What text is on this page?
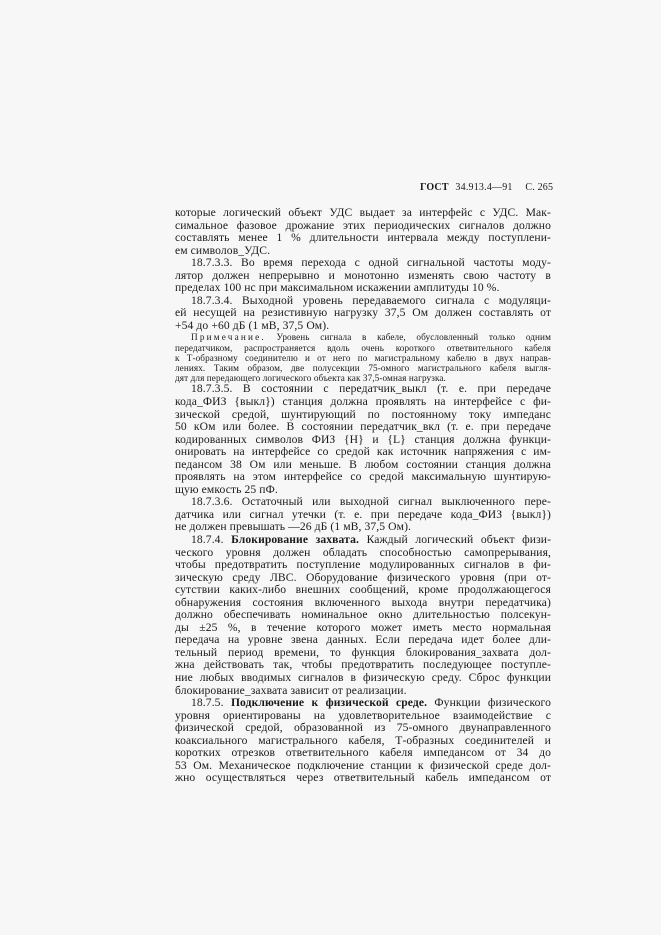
ГОСТ 34.913.4—91 С. 265
которые логический объект УДС выдает за интерфейс с УДС. Мак-
симальное фазовое дрожание этих периодических сигналов должно
составлять менее 1 % длительности интервала между поступлени-
ем символов_УДС.
18.7.3.3. Во время перехода с одной сигнальной частоты моду-
лятор должен непрерывно и монотонно изменять свою частоту в
пределах 100 нс при максимальном искажении амплитуды 10 %.
18.7.3.4. Выходной уровень передаваемого сигнала с модуляци-
ей несущей на резистивную нагрузку 37,5 Ом должен составлять от
+54 до +60 дБ (1 мВ, 37,5 Ом).
Примечание. Уровень сигнала в кабеле, обусловленный только одним
передатчиком, распространяется вдоль очень короткого ответвительного кабеля
к Т-образному соединителю и от него по магистральному кабелю в двух направ-
лениях. Таким образом, две полусекции 75-омного магистрального кабеля выгля-
дят для передающего логического объекта как 37,5-омная нагрузка.
18.7.3.5. В состоянии с передатчик_выкл (т. е. при передаче
кода_ФИЗ {выкл}) станция должна проявлять на интерфейсе с фи-
зической средой, шунтирующий по постоянному току импеданс
50 кОм или более. В состоянии передатчик_вкл (т. е. при передаче
кодированных символов ФИЗ {H} и {L} станция должна функци-
онировать на интерфейсе со средой как источник напряжения с им-
педансом 38 Ом или меньше. В любом состоянии станция должна
проявлять на этом интерфейсе со средой максимальную шунтирую-
щую емкость 25 пФ.
18.7.3.6. Остаточный или выходной сигнал выключенного пере-
датчика или сигнал утечки (т. е. при передаче кода_ФИЗ {выкл})
не должен превышать —26 дБ (1 мВ, 37,5 Ом).
18.7.4. Блокирование захвата. Каждый логический объект физи-
ческого уровня должен обладать способностью самопрерывания,
чтобы предотвратить поступление модулированных сигналов в фи-
зическую среду ЛВС. Оборудование физического уровня (при от-
сутствии каких-либо внешних сообщений, кроме продолжающегося
обнаружения состояния включенного выхода внутри передатчика)
должно обеспечивать номинальное окно длительностью полсекун-
ды ±25 %, в течение которого может иметь место нормальная
передача на уровне звена данных. Если передача идет более дли-
тельный период времени, то функция блокирования_захвата дол-
жна действовать так, чтобы предотвратить последующее поступле-
ние любых вводимых сигналов в физическую среду. Сброс функции
блокирование_захвата зависит от реализации.
18.7.5. Подключение к физической среде. Функции физического
уровня ориентированы на удовлетворительное взаимодействие с
физической средой, образованной из 75-омного двунаправленного
коаксиального магистрального кабеля, Т-образных соединителей и
коротких отрезков ответвительного кабеля импедансом от 34 до
53 Ом. Механическое подключение станции к физической среде дол-
жно осуществляться через ответвительный кабель импедансом от
